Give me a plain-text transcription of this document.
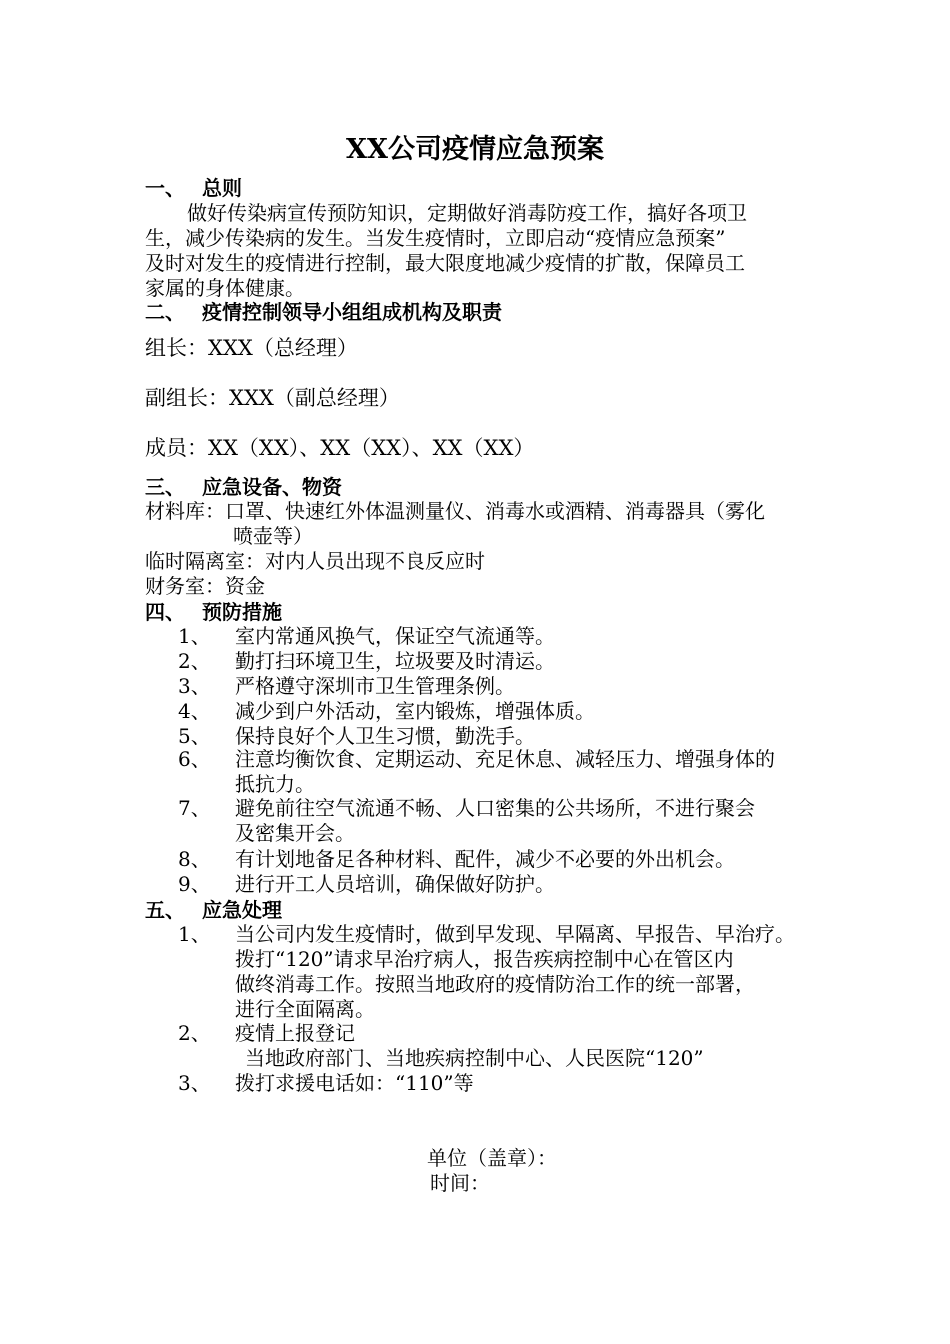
XX公司疫情应急预案
一、 总则
做好传染病宣传预防知识，定期做好消毒防疫工作，搞好各项卫
生，减少传染病的发生。当发生疫情时，立即启动“疫情应急预案”
及时对发生的疫情进行控制，最大限度地减少疫情的扩散，保障员工
家属的身体健康。
二、 疫情控制领导小组组成机构及职责
组长：XXX（总经理）
副组长：XXX（副总经理）
成员：XX（XX）、XX（XX）、XX（XX）
三、 应急设备、物资
材料库：口罩、快速红外体温测量仪、消毒水或酒精、消毒器具（雾化
喷壶等）
临时隔离室：对内人员出现不良反应时
财务室：资金
四、 预防措施
1、	室内常通风换气，保证空气流通等。
2、	勤打扫环境卫生，垃圾要及时清运。
3、	严格遵守深圳市卫生管理条例。
4、	减少到户外活动，室内锻炼，增强体质。
5、	保持良好个人卫生习惯，勤洗手。
6、	注意均衡饮食、定期运动、充足休息、减轻压力、增强身体的
抵抗力。
7、	避免前往空气流通不畅、人口密集的公共场所，不进行聚会
及密集开会。
8、	有计划地备足各种材料、配件，减少不必要的外出机会。
9、	进行开工人员培训，确保做好防护。
五、 应急处理
1、	当公司内发生疫情时，做到早发现、早隔离、早报告、早治疗。
拨打“120”请求早治疗病人，报告疾病控制中心在管区内
做终消毒工作。按照当地政府的疫情防治工作的统一部署，
进行全面隔离。
2、	疫情上报登记
当地政府部门、当地疾病控制中心、人民医院“120”
3、	拨打求援电话如：“110”等
单位（盖章）：
时间：
